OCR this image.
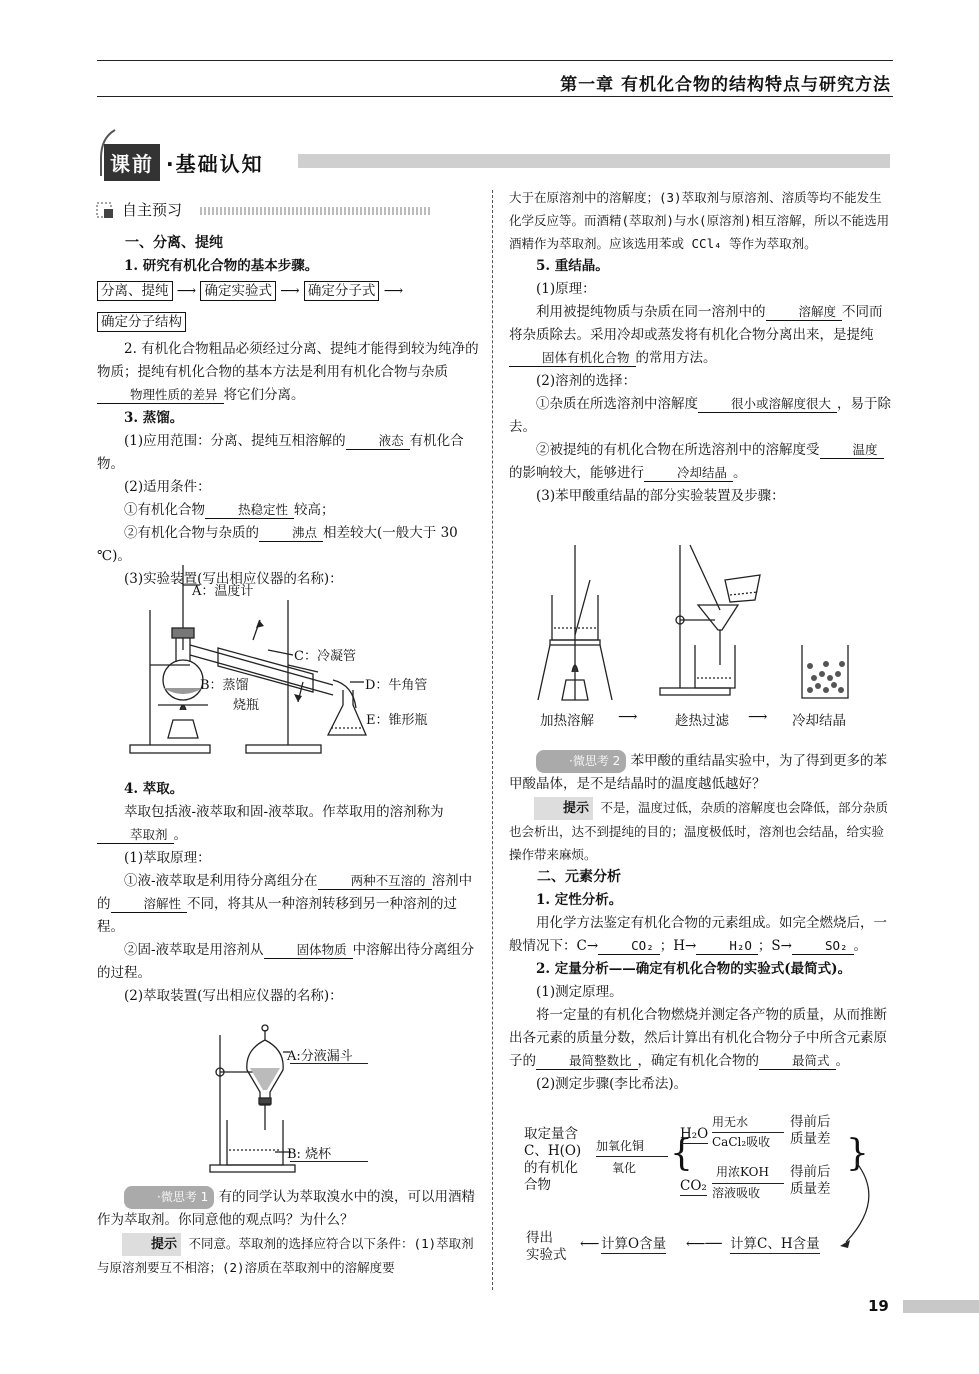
第一章 有机化合物的结构特点与研究方法
课前 ·基础认知
自主预习

一、分离、提纯

1. 研究有机化合物的基本步骤。

分离、提纯 ⟶ 确定实验式 ⟶ 确定分子式 ⟶
确定分子结构

2. 有机化合物粗品必须经过分离、提纯才能得到较为纯净的物质；提纯有机化合物的基本方法是利用有机化合物与杂质物理性质的差异 将它们分离。

3. 蒸馏。

(1)应用范围：分离、提纯互相溶解的	液态 有机化合物。

(2)适用条件：

①有机化合物	热稳定性 较高；

②有机化合物与杂质的	沸点 相差较大(一般大于 30 ℃)。

(3)实验装置(写出相应仪器的名称)：

A：温度计
B：蒸馏
烧瓶
C：冷凝管
D：牛角管
E：锥形瓶

4. 萃取。

萃取包括液-液萃取和固-液萃取。作萃取用的溶剂称为萃取剂 。

(1)萃取原理：

①液-液萃取是利用待分离组分在	两种不互溶的 溶剂中的	溶解性 不同，将其从一种溶剂转移到另一种溶剂的过程。

②固-液萃取是用溶剂从	固体物质 中溶解出待分离组分的过程。

(2)萃取装置(写出相应仪器的名称)：

A:分液漏斗
B: 烧杯

·微思考 1 有的同学认为萃取溴水中的溴，可以用酒精作为萃取剂。你同意他的观点吗？为什么？

提示 不同意。萃取剂的选择应符合以下条件：(1)萃取剂与原溶剂要互不相溶；(2)溶质在萃取剂中的溶解度要

大于在原溶剂中的溶解度；(3)萃取剂与原溶剂、溶质等均不能发生化学反应等。而酒精(萃取剂)与水(原溶剂)相互溶解，所以不能选用酒精作为萃取剂。应该选用苯或 CCl₄ 等作为萃取剂。

5. 重结晶。

(1)原理：

利用被提纯物质与杂质在同一溶剂中的	溶解度 不同而将杂质除去。采用冷却或蒸发将有机化合物分离出来，是提纯固体有机化合物 的常用方法。

(2)溶剂的选择：

①杂质在所选溶剂中溶解度	很小或溶解度很大 ，易于除去。

②被提纯的有机化合物在所选溶剂中的溶解度受	温度的影响较大，能够进行	冷却结晶 。

(3)苯甲酸重结晶的部分实验装置及步骤：

加热溶解 ⟶	趁热过滤 ⟶ 冷却结晶

·微思考 2 苯甲酸的重结晶实验中，为了得到更多的苯甲酸晶体，是不是结晶时的温度越低越好？

提示 不是，温度过低，杂质的溶解度也会降低，部分杂质也会析出，达不到提纯的目的；温度极低时，溶剂也会结晶，给实验操作带来麻烦。

二、元素分析

1. 定性分析。

用化学方法鉴定有机化合物的元素组成。如完全燃烧后，一般情况下：C→	CO₂ ；H→	H₂O ；S→	SO₂ 。

2. 定量分析——确定有机化合物的实验式(最简式)。

(1)测定原理。

将一定量的有机化合物燃烧并测定各产物的质量，从而推断出各元素的质量分数，然后计算出有机化合物分子中所含元素原子的	最简整数比 ，确定有机化合物的	最简式 。

(2)测定步骤(李比希法)。

取定量含
C、H(O)
的有机化
合物
加氧化铜
氧化 {
H₂O
用无水
CaCl₂吸收
得前后
质量差
CO₂
用浓KOH
溶液吸收
得前后
质量差
}
得出
实验式
⟵ 计算O含量 ⟵── 计算C、H含量
19
